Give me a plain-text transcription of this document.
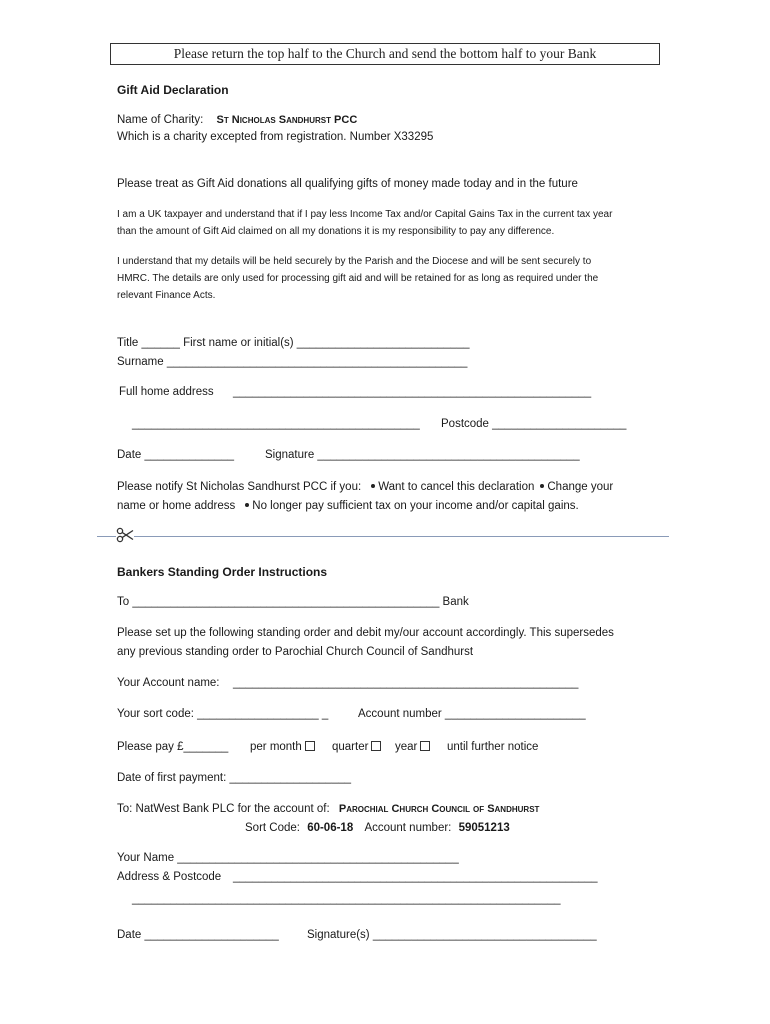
Please return the top half to the Church and send the bottom half to your Bank
Gift Aid Declaration
Name of Charity: St Nicholas Sandhurst PCC
Which is a charity excepted from registration. Number X33295
Please treat as Gift Aid donations all qualifying gifts of money made today and in the future
I am a UK taxpayer and understand that if I pay less Income Tax and/or Capital Gains Tax in the current tax year
than the amount of Gift Aid claimed on all my donations it is my responsibility to pay any difference.
I understand that my details will be held securely by the Parish and the Diocese and will be sent securely to
HMRC. The details are only used for processing gift aid and will be retained for as long as required under the
relevant Finance Acts.
Title ______ First name or initial(s) ___________________________
Surname _______________________________________________
Full home address ________________________________________________________
_____________________________________________ Postcode _____________________
Date ______________	Signature _________________________________________
Please notify St Nicholas Sandhurst PCC if you: Want to cancel this declaration Change your
name or home address No longer pay sufficient tax on your income and/or capital gains.
Bankers Standing Order Instructions
To ________________________________________________ Bank
Please set up the following standing order and debit my/our account accordingly. This supersedes
any previous standing order to Parochial Church Council of Sandhurst
Your Account name: ______________________________________________________
Your sort code: ___________________ _	Account number ______________________
Please pay £_______ per month	quarter	year	until further notice
Date of first payment: ___________________
To: NatWest Bank PLC for the account of: Parochial Church Council of Sandhurst
Sort Code: 60-06-18 Account number: 59051213
Your Name ____________________________________________
Address & Postcode _________________________________________________________
___________________________________________________________________
Date _____________________ Signature(s) ___________________________________
